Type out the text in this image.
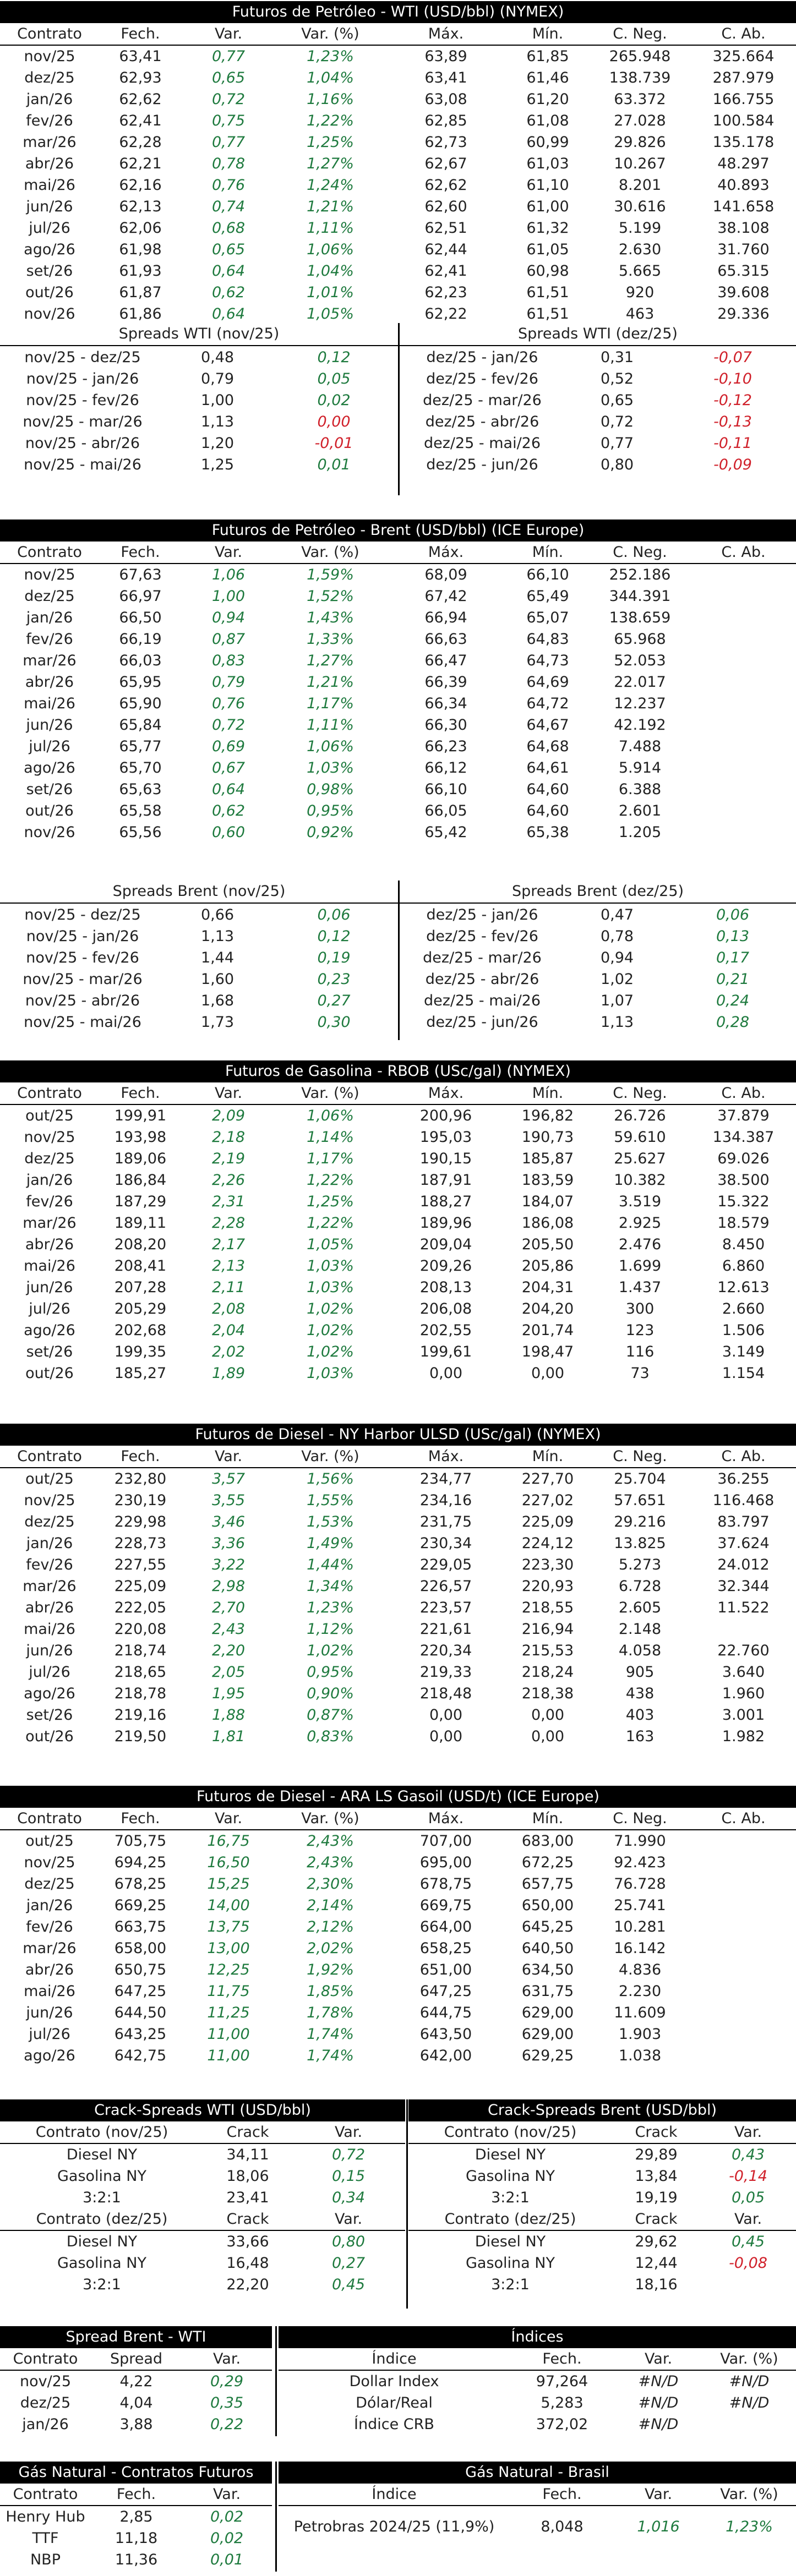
Futuros de Petróleo - WTI (USD/bbl) (NYMEX)
Contrato	Fech.	Var.	Var. (%)	Máx.	Mín.	C. Neg.	C. Ab.
nov/25	63,41	0,77	1,23%	63,89	61,85	265.948	325.664
dez/25	62,93	0,65	1,04%	63,41	61,46	138.739	287.979
jan/26	62,62	0,72	1,16%	63,08	61,20	63.372	166.755
fev/26	62,41	0,75	1,22%	62,85	61,08	27.028	100.584
mar/26	62,28	0,77	1,25%	62,73	60,99	29.826	135.178
abr/26	62,21	0,78	1,27%	62,67	61,03	10.267	48.297
mai/26	62,16	0,76	1,24%	62,62	61,10	8.201	40.893
jun/26	62,13	0,74	1,21%	62,60	61,00	30.616	141.658
jul/26	62,06	0,68	1,11%	62,51	61,32	5.199	38.108
ago/26	61,98	0,65	1,06%	62,44	61,05	2.630	31.760
set/26	61,93	0,64	1,04%	62,41	60,98	5.665	65.315
out/26	61,87	0,62	1,01%	62,23	61,51	920	39.608
nov/26	61,86	0,64	1,05%	62,22	61,51	463	29.336
Spreads WTI (nov/25)	Spreads WTI (dez/25)
nov/25 - dez/25	0,48	0,12
nov/25 - jan/26	0,79	0,05
nov/25 - fev/26	1,00	0,02
nov/25 - mar/26	1,13	0,00
nov/25 - abr/26	1,20	-0,01
nov/25 - mai/26	1,25	0,01
dez/25 - jan/26	0,31	-0,07
dez/25 - fev/26	0,52	-0,10
dez/25 - mar/26	0,65	-0,12
dez/25 - abr/26	0,72	-0,13
dez/25 - mai/26	0,77	-0,11
dez/25 - jun/26	0,80	-0,09
Futuros de Petróleo - Brent (USD/bbl) (ICE Europe)
Contrato	Fech.	Var.	Var. (%)	Máx.	Mín.	C. Neg.	C. Ab.
nov/25	67,63	1,06	1,59%	68,09	66,10	252.186	
dez/25	66,97	1,00	1,52%	67,42	65,49	344.391	
jan/26	66,50	0,94	1,43%	66,94	65,07	138.659	
fev/26	66,19	0,87	1,33%	66,63	64,83	65.968	
mar/26	66,03	0,83	1,27%	66,47	64,73	52.053	
abr/26	65,95	0,79	1,21%	66,39	64,69	22.017	
mai/26	65,90	0,76	1,17%	66,34	64,72	12.237	
jun/26	65,84	0,72	1,11%	66,30	64,67	42.192	
jul/26	65,77	0,69	1,06%	66,23	64,68	7.488	
ago/26	65,70	0,67	1,03%	66,12	64,61	5.914	
set/26	65,63	0,64	0,98%	66,10	64,60	6.388	
out/26	65,58	0,62	0,95%	66,05	64,60	2.601	
nov/26	65,56	0,60	0,92%	65,42	65,38	1.205	
Spreads Brent (nov/25)	Spreads Brent (dez/25)
nov/25 - dez/25	0,66	0,06
nov/25 - jan/26	1,13	0,12
nov/25 - fev/26	1,44	0,19
nov/25 - mar/26	1,60	0,23
nov/25 - abr/26	1,68	0,27
nov/25 - mai/26	1,73	0,30
dez/25 - jan/26	0,47	0,06
dez/25 - fev/26	0,78	0,13
dez/25 - mar/26	0,94	0,17
dez/25 - abr/26	1,02	0,21
dez/25 - mai/26	1,07	0,24
dez/25 - jun/26	1,13	0,28
Futuros de Gasolina - RBOB (USc/gal) (NYMEX)
Contrato	Fech.	Var.	Var. (%)	Máx.	Mín.	C. Neg.	C. Ab.
out/25	199,91	2,09	1,06%	200,96	196,82	26.726	37.879
nov/25	193,98	2,18	1,14%	195,03	190,73	59.610	134.387
dez/25	189,06	2,19	1,17%	190,15	185,87	25.627	69.026
jan/26	186,84	2,26	1,22%	187,91	183,59	10.382	38.500
fev/26	187,29	2,31	1,25%	188,27	184,07	3.519	15.322
mar/26	189,11	2,28	1,22%	189,96	186,08	2.925	18.579
abr/26	208,20	2,17	1,05%	209,04	205,50	2.476	8.450
mai/26	208,41	2,13	1,03%	209,26	205,86	1.699	6.860
jun/26	207,28	2,11	1,03%	208,13	204,31	1.437	12.613
jul/26	205,29	2,08	1,02%	206,08	204,20	300	2.660
ago/26	202,68	2,04	1,02%	202,55	201,74	123	1.506
set/26	199,35	2,02	1,02%	199,61	198,47	116	3.149
out/26	185,27	1,89	1,03%	0,00	0,00	73	1.154
Futuros de Diesel - NY Harbor ULSD (USc/gal) (NYMEX)
Contrato	Fech.	Var.	Var. (%)	Máx.	Mín.	C. Neg.	C. Ab.
out/25	232,80	3,57	1,56%	234,77	227,70	25.704	36.255
nov/25	230,19	3,55	1,55%	234,16	227,02	57.651	116.468
dez/25	229,98	3,46	1,53%	231,75	225,09	29.216	83.797
jan/26	228,73	3,36	1,49%	230,34	224,12	13.825	37.624
fev/26	227,55	3,22	1,44%	229,05	223,30	5.273	24.012
mar/26	225,09	2,98	1,34%	226,57	220,93	6.728	32.344
abr/26	222,05	2,70	1,23%	223,57	218,55	2.605	11.522
mai/26	220,08	2,43	1,12%	221,61	216,94	2.148	
jun/26	218,74	2,20	1,02%	220,34	215,53	4.058	22.760
jul/26	218,65	2,05	0,95%	219,33	218,24	905	3.640
ago/26	218,78	1,95	0,90%	218,48	218,38	438	1.960
set/26	219,16	1,88	0,87%	0,00	0,00	403	3.001
out/26	219,50	1,81	0,83%	0,00	0,00	163	1.982
Futuros de Diesel - ARA LS Gasoil (USD/t) (ICE Europe)
Contrato	Fech.	Var.	Var. (%)	Máx.	Mín.	C. Neg.	C. Ab.
out/25	705,75	16,75	2,43%	707,00	683,00	71.990	
nov/25	694,25	16,50	2,43%	695,00	672,25	92.423	
dez/25	678,25	15,25	2,30%	678,75	657,75	76.728	
jan/26	669,25	14,00	2,14%	669,75	650,00	25.741	
fev/26	663,75	13,75	2,12%	664,00	645,25	10.281	
mar/26	658,00	13,00	2,02%	658,25	640,50	16.142	
abr/26	650,75	12,25	1,92%	651,00	634,50	4.836	
mai/26	647,25	11,75	1,85%	647,25	631,75	2.230	
jun/26	644,50	11,25	1,78%	644,75	629,00	11.609	
jul/26	643,25	11,00	1,74%	643,50	629,00	1.903	
ago/26	642,75	11,00	1,74%	642,00	629,25	1.038	
Crack-Spreads WTI (USD/bbl)	Crack-Spreads Brent (USD/bbl)
Contrato (nov/25)	Crack	Var.
Diesel NY	34,11	0,72
Gasolina NY	18,06	0,15
3:2:1	23,41	0,34
Contrato (dez/25)	Crack	Var.
Diesel NY	33,66	0,80
Gasolina NY	16,48	0,27
3:2:1	22,20	0,45
Contrato (nov/25)	Crack	Var.
Diesel NY	29,89	0,43
Gasolina NY	13,84	-0,14
3:2:1	19,19	0,05
Contrato (dez/25)	Crack	Var.
Diesel NY	29,62	0,45
Gasolina NY	12,44	-0,08
3:2:1	18,16	
Spread Brent - WTI	Índices
Contrato	Spread	Var.
nov/25	4,22	0,29
dez/25	4,04	0,35
jan/26	3,88	0,22
Índice	Fech.	Var.	Var. (%)
Dollar Index	97,264	#N/D	#N/D
Dólar/Real	5,283	#N/D	#N/D
Índice CRB	372,02	#N/D	
Gás Natural - Contratos Futuros	Gás Natural - Brasil
Contrato	Fech.	Var.
Henry Hub	2,85	0,02
TTF	11,18	0,02
NBP	11,36	0,01
Índice	Fech.	Var.	Var. (%)
Petrobras 2024/25 (11,9%)	8,048	1,016	1,23%
